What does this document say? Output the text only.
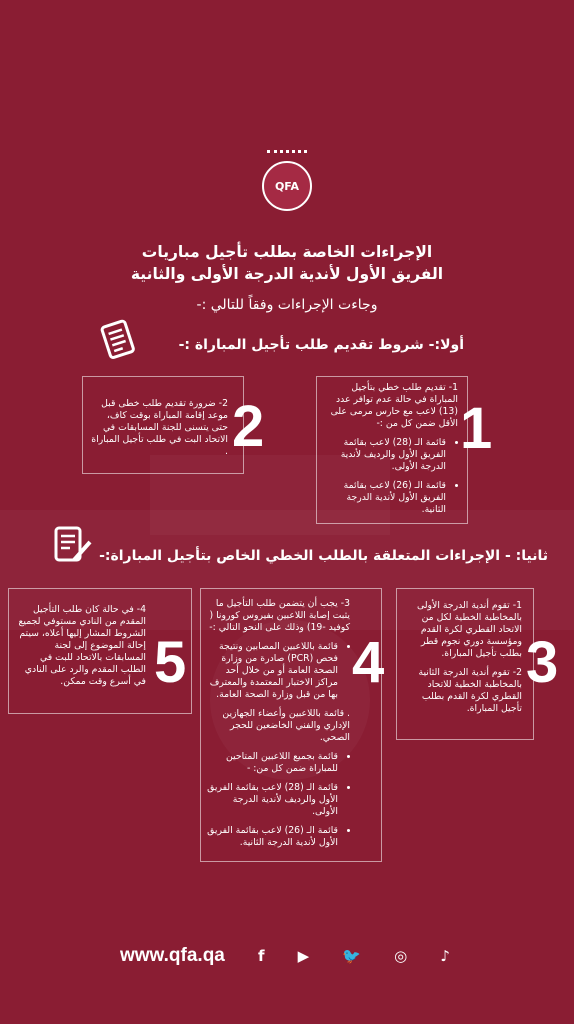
QFA
الإجراءات الخاصة بطلب تأجيل مباريات
الفريق الأول لأندية الدرجة الأولى والثانية
وجاءت الإجراءات وفقاً للتالي :-
أولا:- شروط تقديم طلب تأجيل المباراة :-
1

1- تقديم طلب خطي بتأجيل المباراة في حالة عدم توافر عدد (13) لاعب مع حارس مرمى على الأقل ضمن كل من :-

• قائمة الـ (28) لاعب بقائمة الفريق الأول والرديف لأندية الدرجة الأولى.
• قائمة الـ (26) لاعب بقائمة الفريق الأول لأندية الدرجة الثانية.
2
2- ضرورة تقديم طلب خطى قبل موعد إقامة المباراة بوقت كاف، حتى يتسنى للجنة المسابقات في الاتحاد البت في طلب تأجيل المباراة .
ثانيا: - الإجراءات المتعلقة بالطلب الخطي الخاص بتأجيل المباراة:-
3

1- تقوم أندية الدرجة الأولى بالمخاطبة الخطية لكل من الاتحاد القطري لكرة القدم ومؤسسة دوري نجوم قطر بطلب تأجيل المباراة.

2- تقوم أندية الدرجة الثانية بالمخاطبة الخطية للاتحاد القطري لكرة القدم بطلب تأجيل المباراة.

4

3- يجب أن يتضمن طلب التأجيل ما يثبت إصابة اللاعبين بفيروس كورونا ( كوفيد -19) وذلك على النحو التالي :-

• قائمة باللاعبين المصابين ونتيجة فحص (PCR) صادرة من وزارة الصحة العامة أو من خلال أحد مراكز الاختبار المعتمدة والمعترف بها من قبل وزارة الصحة العامة.

. قائمة باللاعبين وأعضاء الجهازين الإداري والفني الخاضعين للحجر الصحي.

• قائمة بجميع اللاعبين المتاحين للمباراة ضمن كل من: -
• قائمة الـ (28) لاعب بقائمة الفريق الأول والرديف لأندية الدرجة الأولى.
• قائمة الـ (26) لاعب بقائمة الفريق الأول لأندية الدرجة الثانية.
5
4- في حالة كان طلب التأجيل المقدم من النادي مستوفي لجميع الشروط المشار إليها أعلاه، سيتم إحالة الموضوع إلى لجنة المسابقات بالاتحاد للبت في الطلب المقدم والرد على النادي في أسرع وقت ممكن.
www.qfa.qa f ▶ 🐦 ◎ ♪
